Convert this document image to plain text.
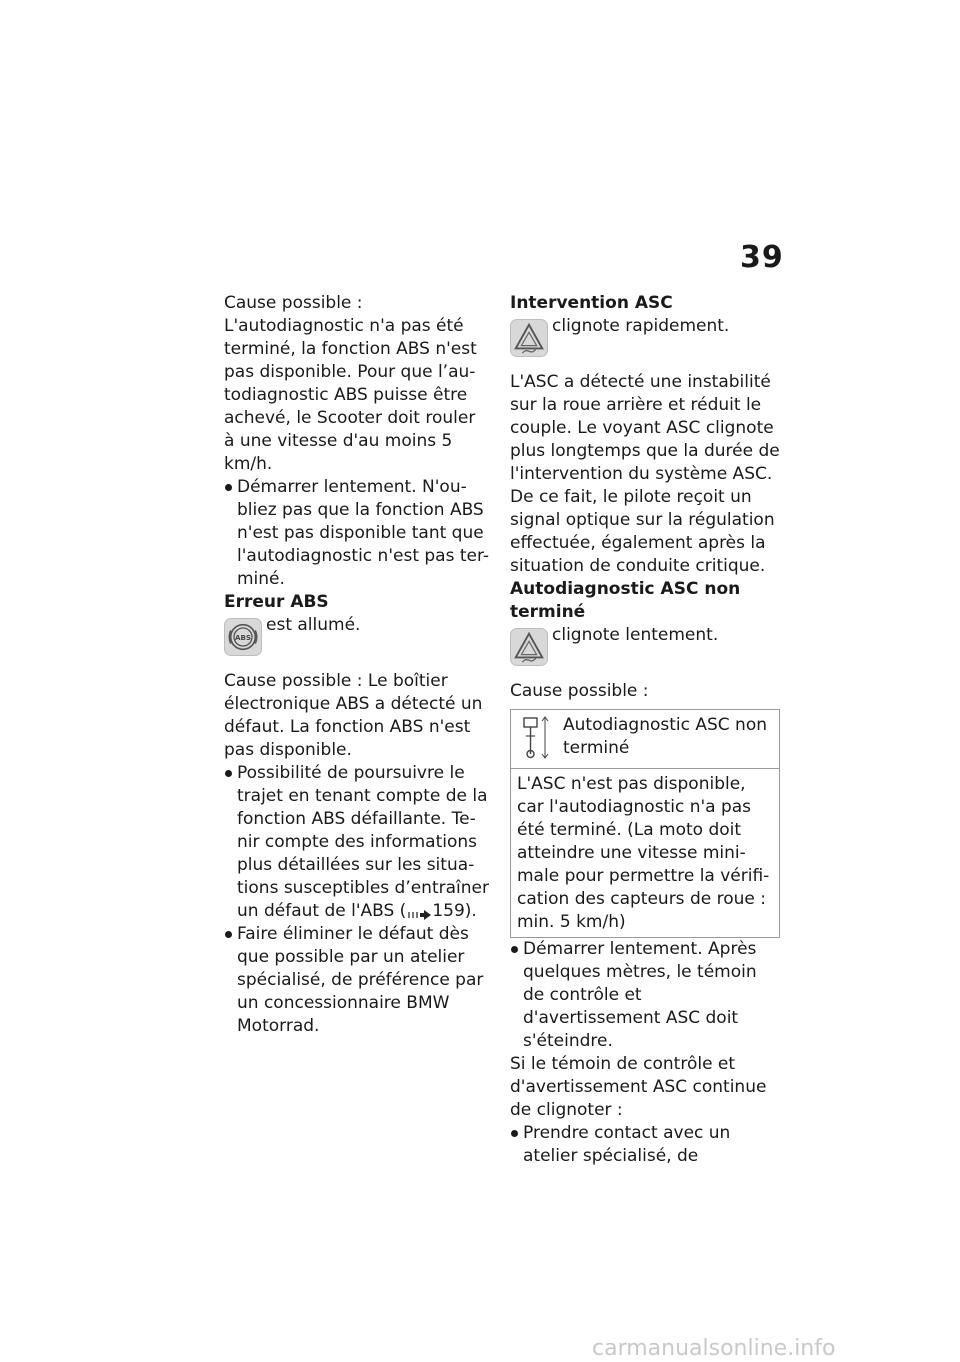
39

Cause possible : L'autodiagnostic n'a pas été terminé, la fonction ABS n'est pas disponible. Pour que l’au-todiagnostic ABS puisse être achevé, le Scooter doit rouler à une vitesse d'au moins 5 km/h.

Démarrer lentement. N'ou-bliez pas que la fonction ABS n'est pas disponible tant que l'autodiagnostic n'est pas ter-miné.

Erreur ABS

ABS
est allumé.

Cause possible : Le boîtier électronique ABS a détecté un défaut. La fonction ABS n'est pas disponible.

Possibilité de poursuivre le trajet en tenant compte de la fonction ABS défaillante. Te-nir compte des informations plus détaillées sur les situa-tions susceptibles d’entraîner un défaut de l'ABS ( 159).
Faire éliminer le défaut dès que possible par un atelier spécialisé, de préférence par un concessionnaire BMW Motorrad.

Intervention ASC

clignote rapidement.

L'ASC a détecté une instabilité sur la roue arrière et réduit le couple. Le voyant ASC clignote plus longtemps que la durée de l'intervention du système ASC. De ce fait, le pilote reçoit un signal optique sur la régulation effectuée, également après la situation de conduite critique.

Autodiagnostic ASC non terminé

clignote lentement.

Cause possible :

Autodiagnostic ASC non terminé
L'ASC n'est pas disponible, car l'autodiagnostic n'a pas été terminé. (La moto doit atteindre une vitesse mini-male pour permettre la vérifi-cation des capteurs de roue : min. 5 km/h)
Démarrer lentement. Après quelques mètres, le témoin de contrôle et d'avertissement ASC doit s'éteindre.

Si le témoin de contrôle et d'avertissement ASC continue de clignoter :

Prendre contact avec un atelier spécialisé, de
carmanualsonline.info
